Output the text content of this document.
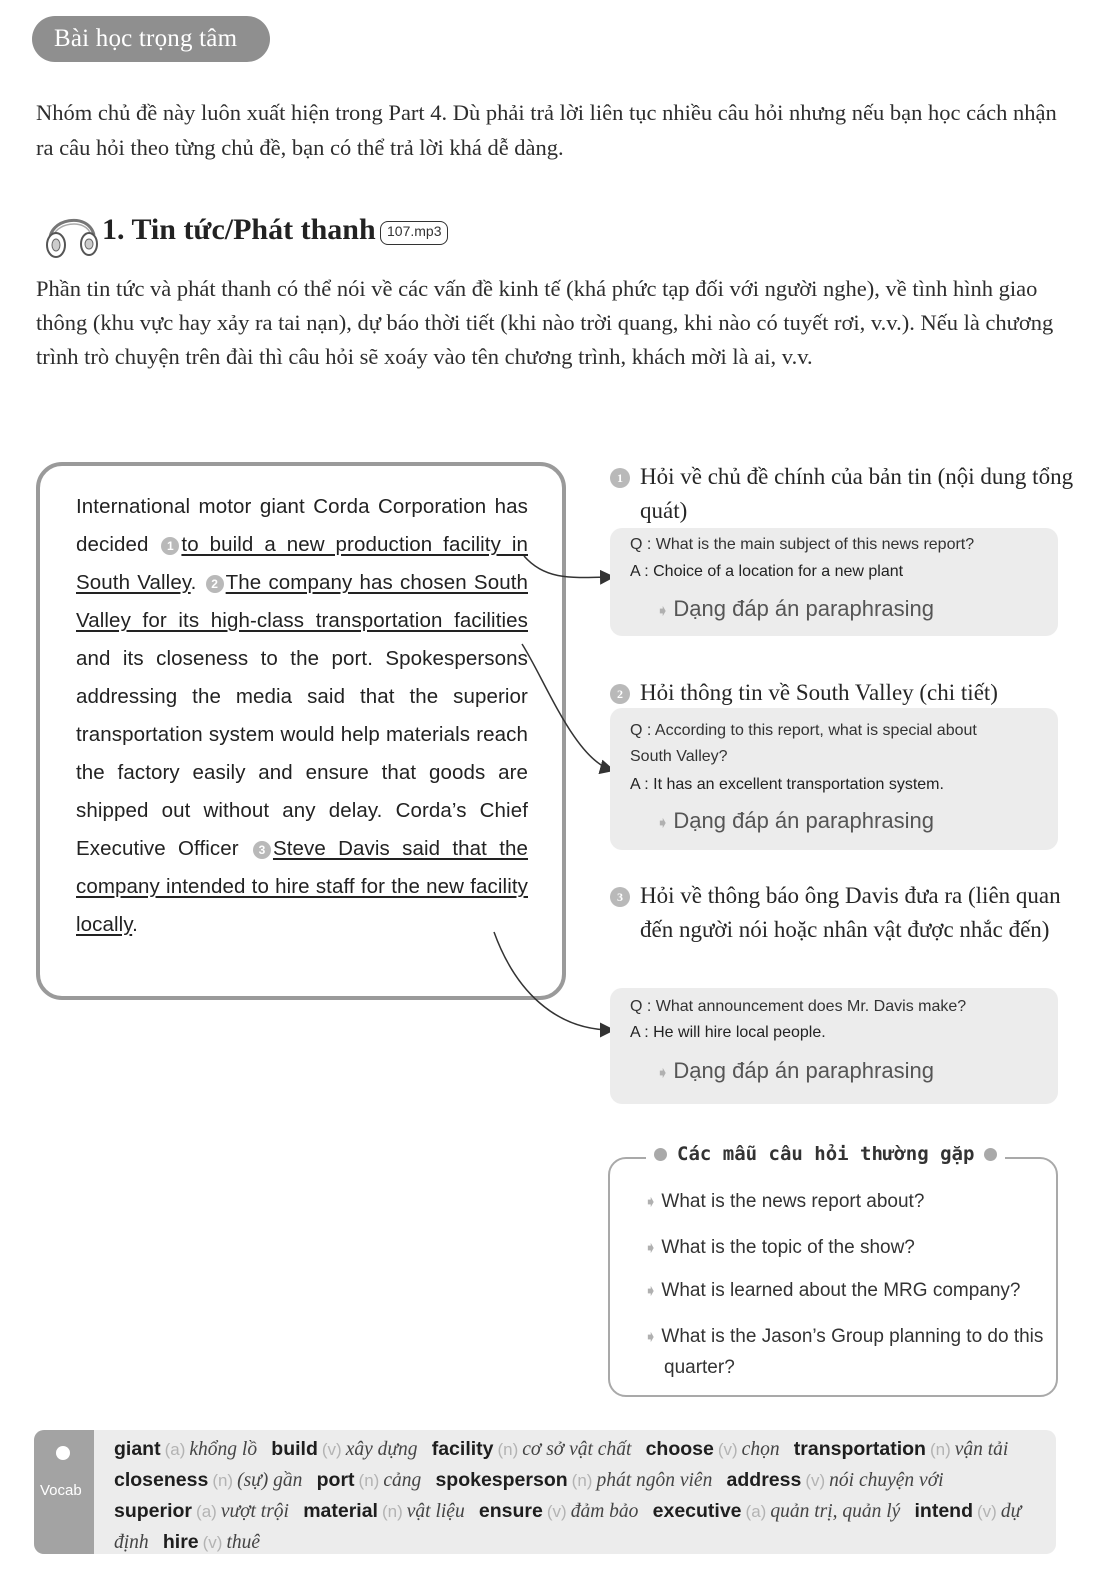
Bài học trọng tâm

Nhóm chủ đề này luôn xuất hiện trong Part 4. Dù phải trả lời liên tục nhiều câu hỏi nhưng nếu bạn học cách nhận ra câu hỏi theo từng chủ đề, bạn có thể trả lời khá dễ dàng.

1. Tin tức/Phát thanh 107.mp3

Phần tin tức và phát thanh có thể nói về các vấn đề kinh tế (khá phức tạp đối với người nghe), về tình hình giao thông (khu vực hay xảy ra tai nạn), dự báo thời tiết (khi nào trời quang, khi nào có tuyết rơi, v.v.). Nếu là chương trình trò chuyện trên đài thì câu hỏi sẽ xoáy vào tên chương trình, khách mời là ai, v.v.

International motor giant Corda Corporation has decided 1 to build a new production facility in South Valley. 2 The company has chosen South Valley for its high-class transportation facilities and its closeness to the port. Spokespersons addressing the media said that the superior transportation system would help materials reach the factory easily and ensure that goods are shipped out without any delay. Corda’s Chief Executive Officer 3 Steve Davis said that the company intended to hire staff for the new facility locally.

1 Hỏi về chủ đề chính của bản tin (nội dung tổng quát)
Q : What is the main subject of this news report?
A : Choice of a location for a new plant
➧ Dạng đáp án paraphrasing
2 Hỏi thông tin về South Valley (chi tiết)
Q : According to this report, what is special about South Valley?
A : It has an excellent transportation system.
➧ Dạng đáp án paraphrasing
3 Hỏi về thông báo ông Davis đưa ra (liên quan đến người nói hoặc nhân vật được nhắc đến)
Q : What announcement does Mr. Davis make?
A : He will hire local people.
➧ Dạng đáp án paraphrasing
Các mẫu câu hỏi thường gặp
➧ What is the news report about?
➧ What is the topic of the show?
➧ What is learned about the MRG company?
➧ What is the Jason’s Group planning to do this quarter?
Vocab
giant (a) khổng lồ build (v) xây dựng facility (n) cơ sở vật chất choose (v) chọn transportation (n) vận tải closeness (n) (sự) gần port (n) cảng spokesperson (n) phát ngôn viên address (v) nói chuyện với superior (a) vượt trội material (n) vật liệu ensure (v) đảm bảo executive (a) quản trị, quản lý intend (v) dự định hire (v) thuê
